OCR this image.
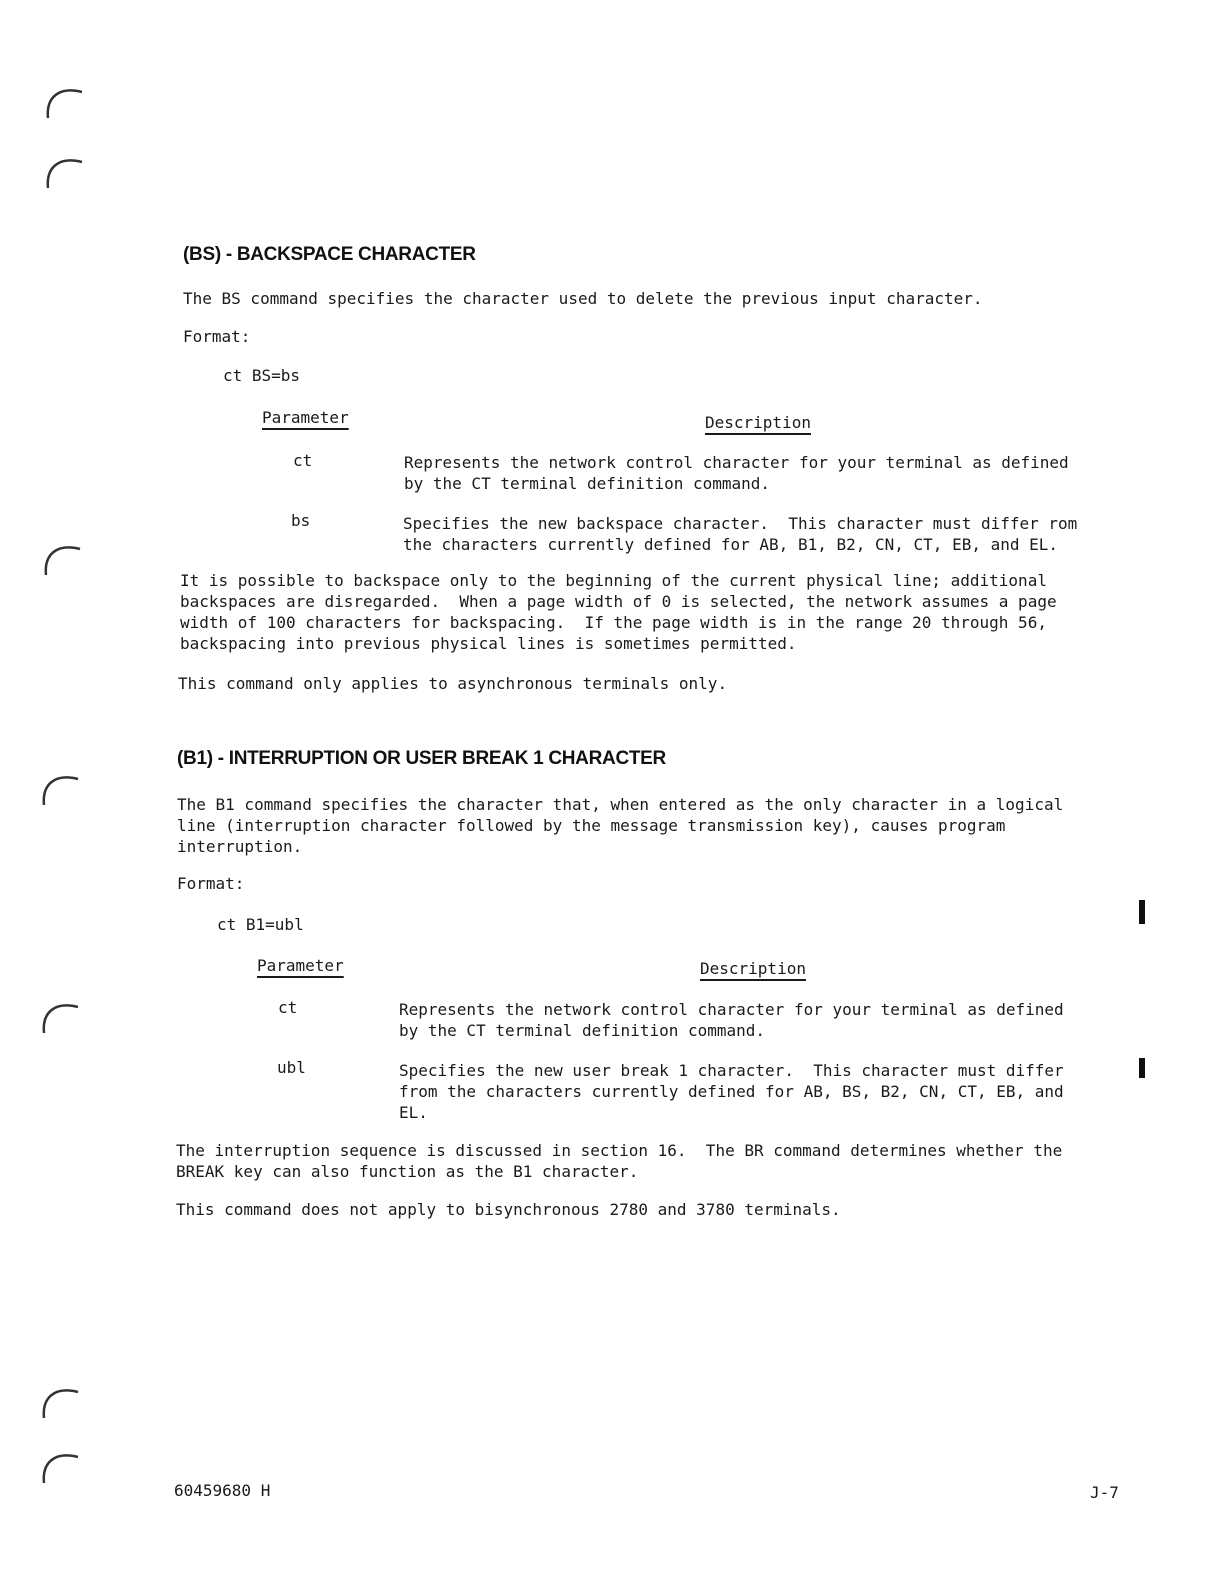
(BS) - BACKSPACE CHARACTER
The BS command specifies the character used to delete the previous input character.
Format:
ct BS=bs
Parameter	Description
ct	Represents the network control character for your terminal as defined
by the CT terminal definition command.
bs	Specifies the new backspace character.  This character must differ rom
the characters currently defined for AB, B1, B2, CN, CT, EB, and EL.
It is possible to backspace only to the beginning of the current physical line; additional
backspaces are disregarded.  When a page width of 0 is selected, the network assumes a page
width of 100 characters for backspacing.  If the page width is in the range 20 through 56,
backspacing into previous physical lines is sometimes permitted.
This command only applies to asynchronous terminals only.
(B1) - INTERRUPTION OR USER BREAK 1 CHARACTER
The B1 command specifies the character that, when entered as the only character in a logical
line (interruption character followed by the message transmission key), causes program
interruption.
Format:
ct B1=ubl
Parameter	Description
ct	Represents the network control character for your terminal as defined
by the CT terminal definition command.
ubl	Specifies the new user break 1 character.  This character must differ
from the characters currently defined for AB, BS, B2, CN, CT, EB, and
EL.
The interruption sequence is discussed in section 16.  The BR command determines whether the
BREAK key can also function as the B1 character.
This command does not apply to bisynchronous 2780 and 3780 terminals.
60459680 H	J-7
